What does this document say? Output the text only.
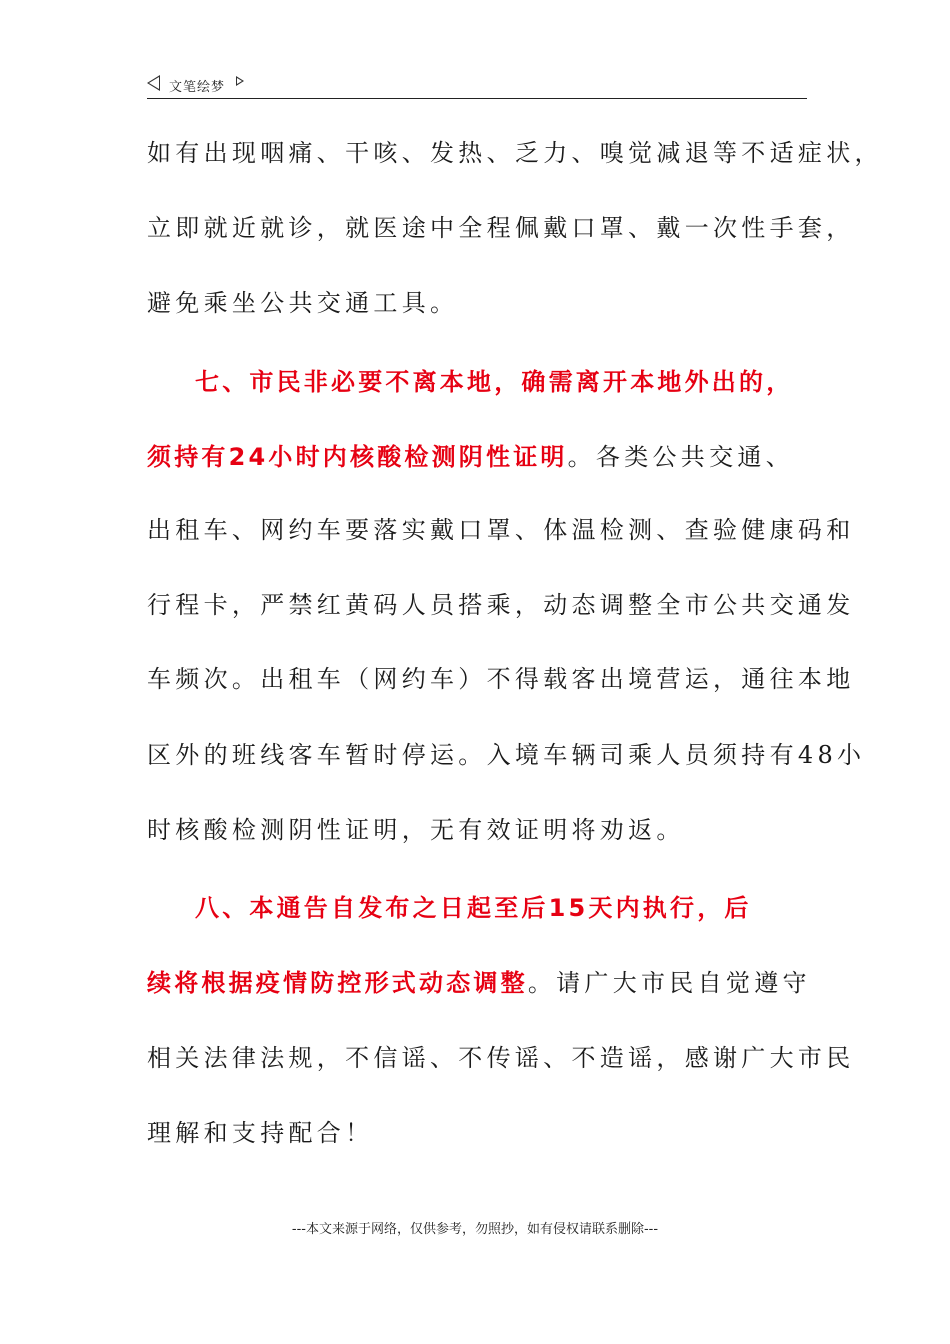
文笔绘梦
如有出现咽痛、干咳、发热、乏力、嗅觉减退等不适症状，
立即就近就诊，就医途中全程佩戴口罩、戴一次性手套，
避免乘坐公共交通工具。
七、市民非必要不离本地，确需离开本地外出的，
须持有24小时内核酸检测阴性证明。各类公共交通、
出租车、网约车要落实戴口罩、体温检测、查验健康码和
行程卡，严禁红黄码人员搭乘，动态调整全市公共交通发
车频次。出租车（网约车）不得载客出境营运，通往本地
区外的班线客车暂时停运。入境车辆司乘人员须持有48小
时核酸检测阴性证明，无有效证明将劝返。
八、本通告自发布之日起至后15天内执行，后
续将根据疫情防控形式动态调整。请广大市民自觉遵守
相关法律法规，不信谣、不传谣、不造谣，感谢广大市民
理解和支持配合！
---本文来源于网络，仅供参考，勿照抄，如有侵权请联系删除---
